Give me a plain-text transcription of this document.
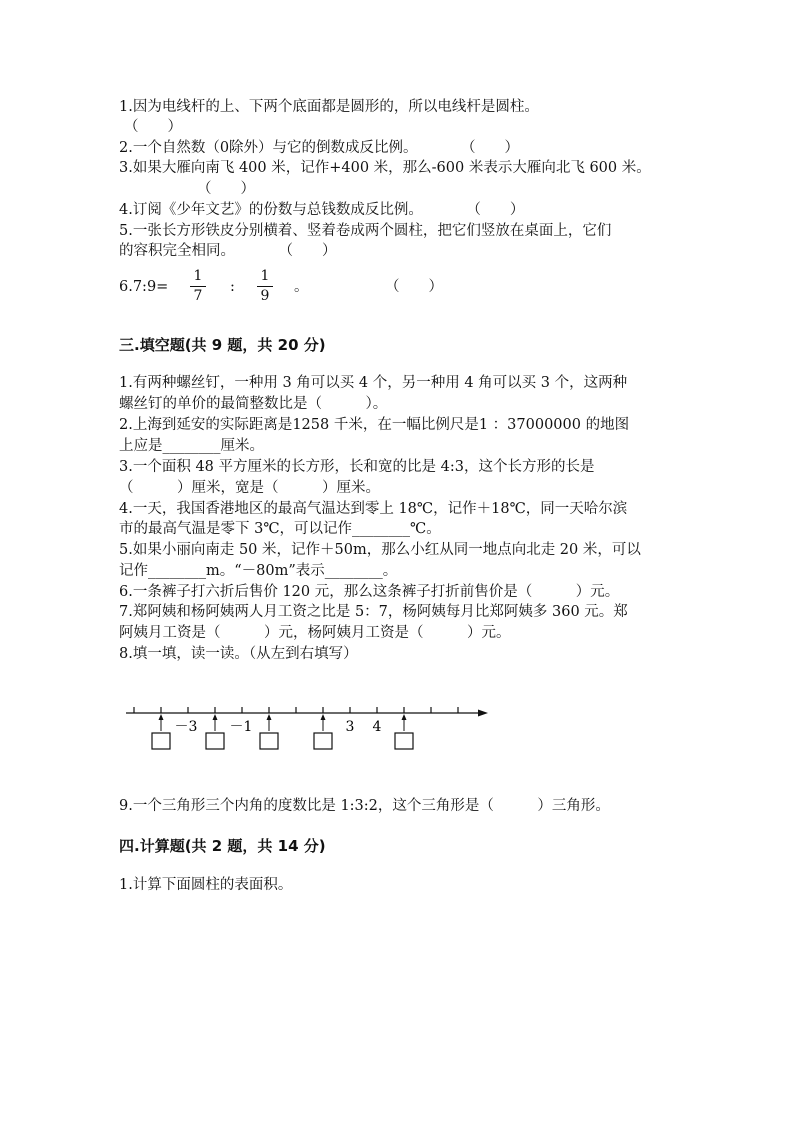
1.因为电线杆的上、下两个底面都是圆形的，所以电线杆是圆柱。

（　　）

2.一个自然数（0除外）与它的倒数成反比例。　　　　（　　）

3.如果大雁向南飞 400 米，记作+400 米，那么-600 米表示大雁向北飞 600 米。

（　　）

4.订阅《少年文艺》的份数与总钱数成反比例。　　　　（　　）

5.一张长方形铁皮分别横着、竖着卷成两个圆柱，把它们竖放在桌面上，它们

的容积完全相同。　　　　（　　）

6.7:9=

1
7

:

1
9

。	（　　）

三.填空题(共 9 题，共 20 分)

1.有两种螺丝钉，一种用 3 角可以买 4 个，另一种用 4 角可以买 3 个，这两种

螺丝钉的单价的最简整数比是（　　　）。

2.上海到延安的实际距离是1258 千米，在一幅比例尺是1 ：37000000 的地图

上应是________厘米。

3.一个面积 48 平方厘米的长方形，长和宽的比是 4:3，这个长方形的长是

（　　　）厘米，宽是（　　　）厘米。

4.一天，我国香港地区的最高气温达到零上 18℃，记作＋18℃，同一天哈尔滨

市的最高气温是零下 3℃，可以记作________℃。

5.如果小丽向南走 50 米，记作＋50m，那么小红从同一地点向北走 20 米，可以

记作________m。“－80m”表示________。

6.一条裤子打六折后售价 120 元，那么这条裤子打折前售价是（　　　）元。

7.郑阿姨和杨阿姨两人月工资之比是 5：7，杨阿姨每月比郑阿姨多 360 元。郑

阿姨月工资是（　　　）元，杨阿姨月工资是（　　　）元。

8.填一填，读一读。（从左到右填写）

－3 －1	3 4

9.一个三角形三个内角的度数比是 1:3:2，这个三角形是（　　　）三角形。

四.计算题(共 2 题，共 14 分)

1.计算下面圆柱的表面积。
